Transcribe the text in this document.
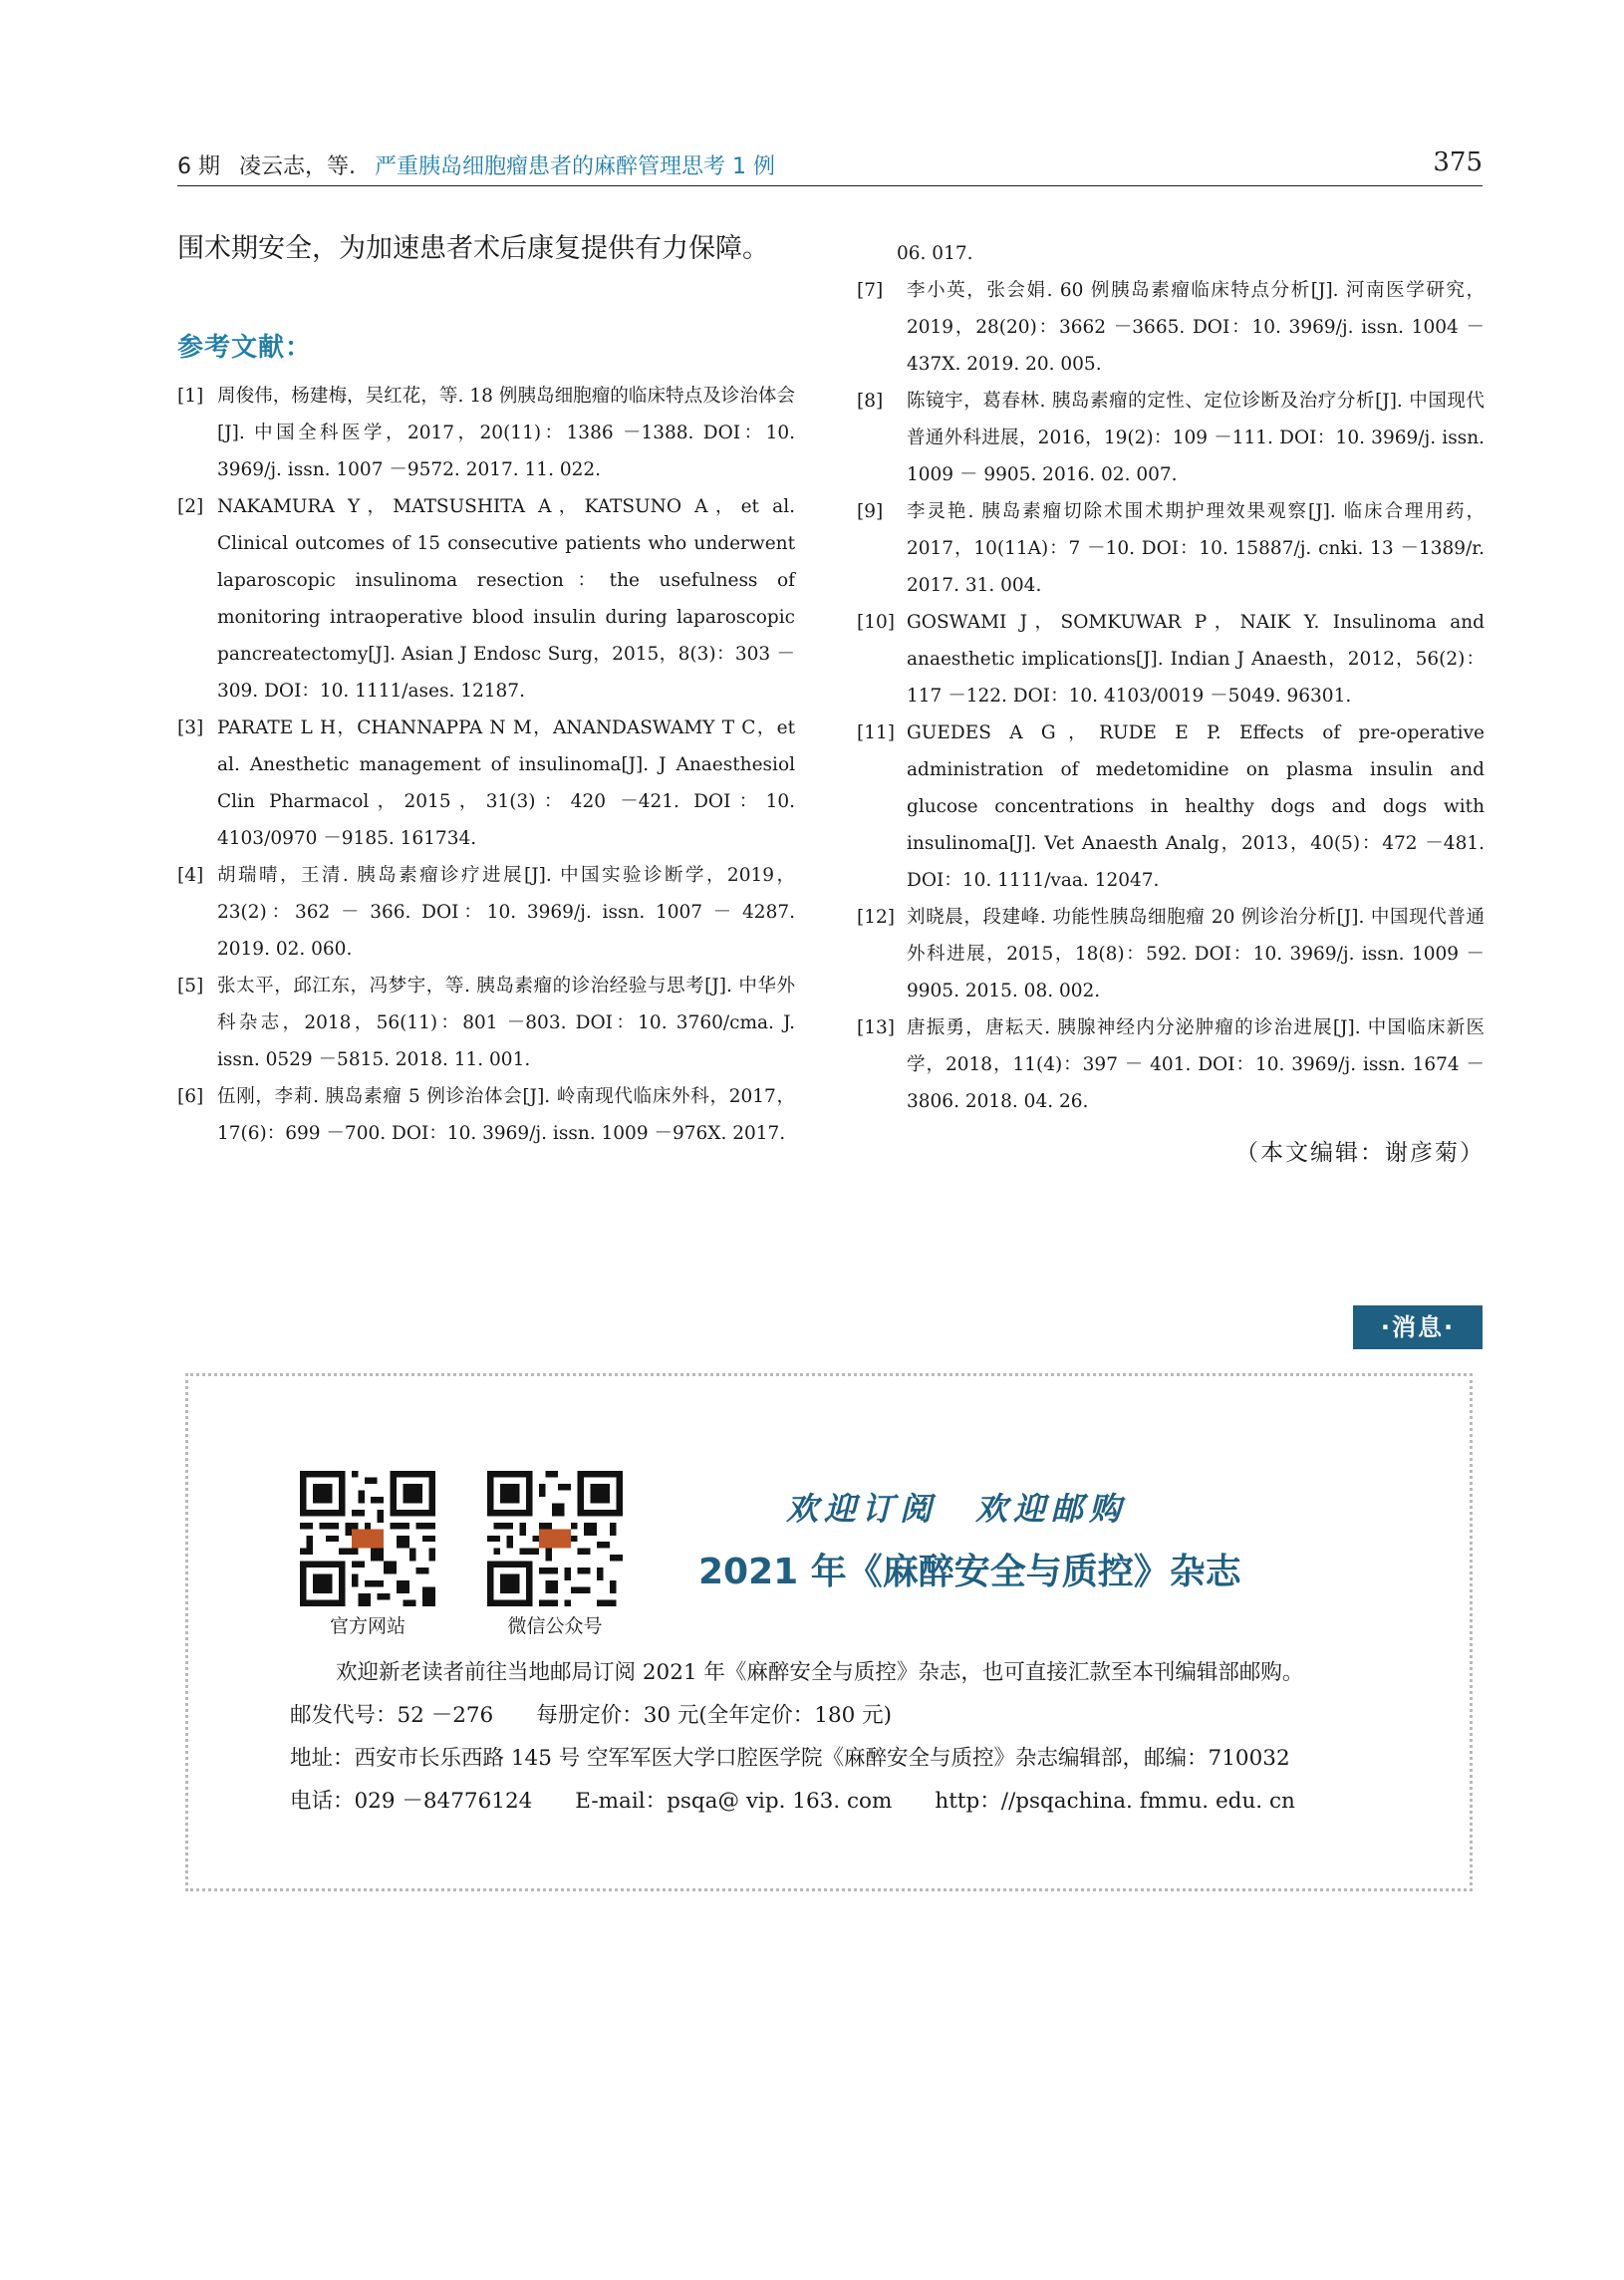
6 期 凌云志，等. 严重胰岛细胞瘤患者的麻醉管理思考 1 例	375

围术期安全，为加速患者术后康复提供有力保障。

参考文献：
[1] 周俊伟，杨建梅，吴红花，等. 18 例胰岛细胞瘤的临床特点及诊治体会[J]. 中国全科医学，2017，20(11)：1386 －1388. DOI：10. 3969/j. issn. 1007 －9572. 2017. 11. 022.
[2] NAKAMURA Y，MATSUSHITA A，KATSUNO A，et al. Clinical outcomes of 15 consecutive patients who underwent laparoscopic insulinoma resection：the usefulness of monitoring intraoperative blood insulin during laparoscopic pancreatectomy[J]. Asian J Endosc Surg，2015，8(3)：303 －309. DOI：10. 1111/ases. 12187.
[3] PARATE L H，CHANNAPPA N M，ANANDASWAMY T C，et al. Anesthetic management of insulinoma[J]. J Anaesthesiol Clin Pharmacol，2015，31(3)：420 －421. DOI：10. 4103/0970 －9185. 161734.
[4] 胡瑞晴，王清. 胰岛素瘤诊疗进展[J]. 中国实验诊断学，2019，23(2)：362 － 366. DOI：10. 3969/j. issn. 1007 － 4287. 2019. 02. 060.
[5] 张太平，邱江东，冯梦宇，等. 胰岛素瘤的诊治经验与思考[J]. 中华外科杂志，2018，56(11)：801 －803. DOI：10. 3760/cma. J. issn. 0529 －5815. 2018. 11. 001.
[6] 伍刚，李莉. 胰岛素瘤 5 例诊治体会[J]. 岭南现代临床外科，2017，17(6)：699 －700. DOI：10. 3969/j. issn. 1009 －976X. 2017.
06. 017.
[7] 李小英，张会娟. 60 例胰岛素瘤临床特点分析[J]. 河南医学研究，2019，28(20)：3662 －3665. DOI：10. 3969/j. issn. 1004 －437X. 2019. 20. 005.
[8] 陈镜宇，葛春林. 胰岛素瘤的定性、定位诊断及治疗分析[J]. 中国现代普通外科进展，2016，19(2)：109 －111. DOI：10. 3969/j. issn. 1009 － 9905. 2016. 02. 007.
[9] 李灵艳. 胰岛素瘤切除术围术期护理效果观察[J]. 临床合理用药，2017，10(11A)：7 －10. DOI：10. 15887/j. cnki. 13 －1389/r. 2017. 31. 004.
[10] GOSWAMI J，SOMKUWAR P，NAIK Y. Insulinoma and anaesthetic implications[J]. Indian J Anaesth，2012，56(2)：117 －122. DOI：10. 4103/0019 －5049. 96301.
[11] GUEDES A G，RUDE E P. Effects of pre-operative administration of medetomidine on plasma insulin and glucose concentrations in healthy dogs and dogs with insulinoma[J]. Vet Anaesth Analg，2013，40(5)：472 －481. DOI：10. 1111/vaa. 12047.
[12] 刘晓晨，段建峰. 功能性胰岛细胞瘤 20 例诊治分析[J]. 中国现代普通外科进展，2015，18(8)：592. DOI：10. 3969/j. issn. 1009 －9905. 2015. 08. 002.
[13] 唐振勇，唐耘天. 胰腺神经内分泌肿瘤的诊治进展[J]. 中国临床新医学，2018，11(4)：397 － 401. DOI：10. 3969/j. issn. 1674 －3806. 2018. 04. 26.
（本文编辑：谢彦菊）
·消息·
官方网站	微信公众号
欢迎订阅　欢迎邮购
2021 年《麻醉安全与质控》杂志
欢迎新老读者前往当地邮局订阅 2021 年《麻醉安全与质控》杂志，也可直接汇款至本刊编辑部邮购。
邮发代号：52 －276　　每册定价：30 元(全年定价：180 元)
地址：西安市长乐西路 145 号 空军军医大学口腔医学院《麻醉安全与质控》杂志编辑部，邮编：710032
电话：029 －84776124　　E-mail：psqa@ vip. 163. com　　http：//psqachina. fmmu. edu. cn
